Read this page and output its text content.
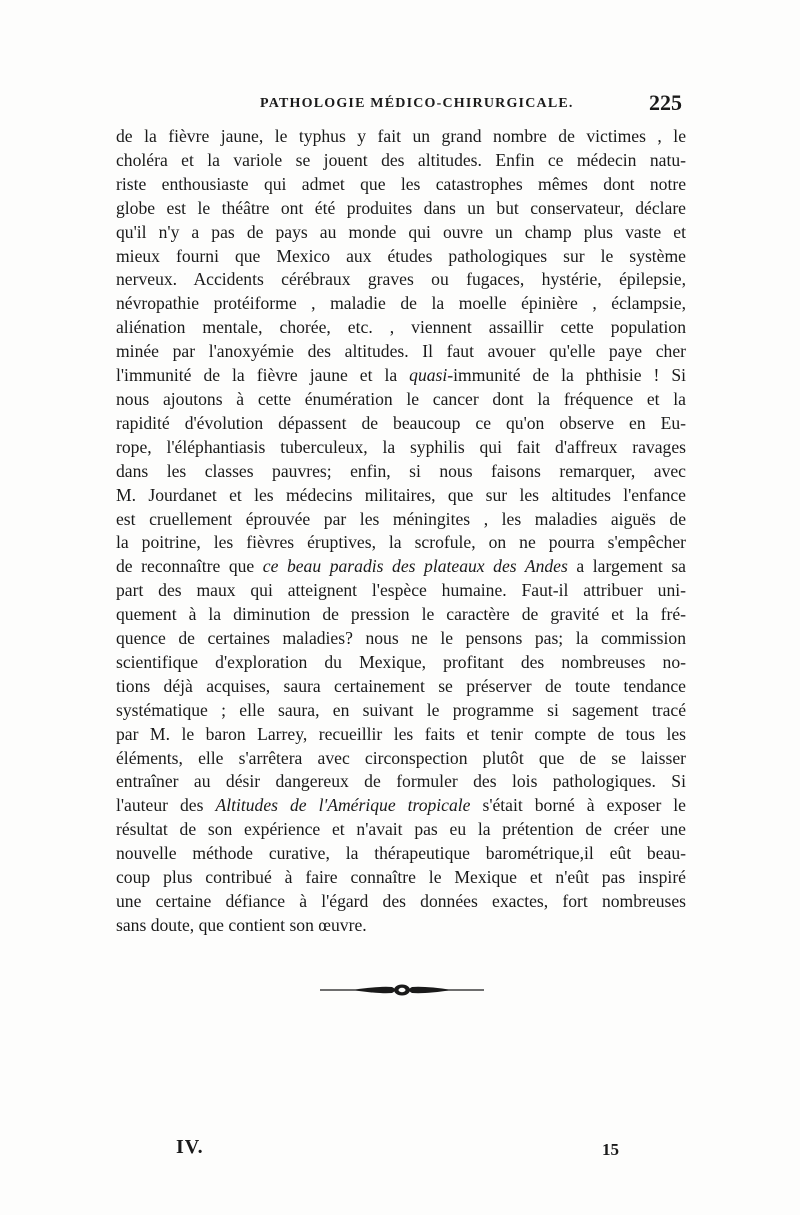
PATHOLOGIE MÉDICO-CHIRURGICALE.	225
de la fièvre jaune, le typhus y fait un grand nombre de victimes , le
choléra et la variole se jouent des altitudes. Enfin ce médecin natu-
riste enthousiaste qui admet que les catastrophes mêmes dont notre
globe est le théâtre ont été produites dans un but conservateur, déclare
qu'il n'y a pas de pays au monde qui ouvre un champ plus vaste et
mieux fourni que Mexico aux études pathologiques sur le système
nerveux. Accidents cérébraux graves ou fugaces, hystérie, épilepsie,
névropathie protéiforme , maladie de la moelle épinière , éclampsie,
aliénation mentale, chorée, etc. , viennent assaillir cette population
minée par l'anoxyémie des altitudes. Il faut avouer qu'elle paye cher
l'immunité de la fièvre jaune et la quasi-immunité de la phthisie ! Si
nous ajoutons à cette énumération le cancer dont la fréquence et la
rapidité d'évolution dépassent de beaucoup ce qu'on observe en Eu-
rope, l'éléphantiasis tuberculeux, la syphilis qui fait d'affreux ravages
dans les classes pauvres; enfin, si nous faisons remarquer, avec
M. Jourdanet et les médecins militaires, que sur les altitudes l'enfance
est cruellement éprouvée par les méningites , les maladies aiguës de
la poitrine, les fièvres éruptives, la scrofule, on ne pourra s'empêcher
de reconnaître que ce beau paradis des plateaux des Andes a largement sa
part des maux qui atteignent l'espèce humaine. Faut-il attribuer uni-
quement à la diminution de pression le caractère de gravité et la fré-
quence de certaines maladies? nous ne le pensons pas; la commission
scientifique d'exploration du Mexique, profitant des nombreuses no-
tions déjà acquises, saura certainement se préserver de toute tendance
systématique ; elle saura, en suivant le programme si sagement tracé
par M. le baron Larrey, recueillir les faits et tenir compte de tous les
éléments, elle s'arrêtera avec circonspection plutôt que de se laisser
entraîner au désir dangereux de formuler des lois pathologiques. Si
l'auteur des Altitudes de l'Amérique tropicale s'était borné à exposer le
résultat de son expérience et n'avait pas eu la prétention de créer une
nouvelle méthode curative, la thérapeutique barométrique,il eût beau-
coup plus contribué à faire connaître le Mexique et n'eût pas inspiré
une certaine défiance à l'égard des données exactes, fort nombreuses
sans doute, que contient son œuvre.
IV.	15
